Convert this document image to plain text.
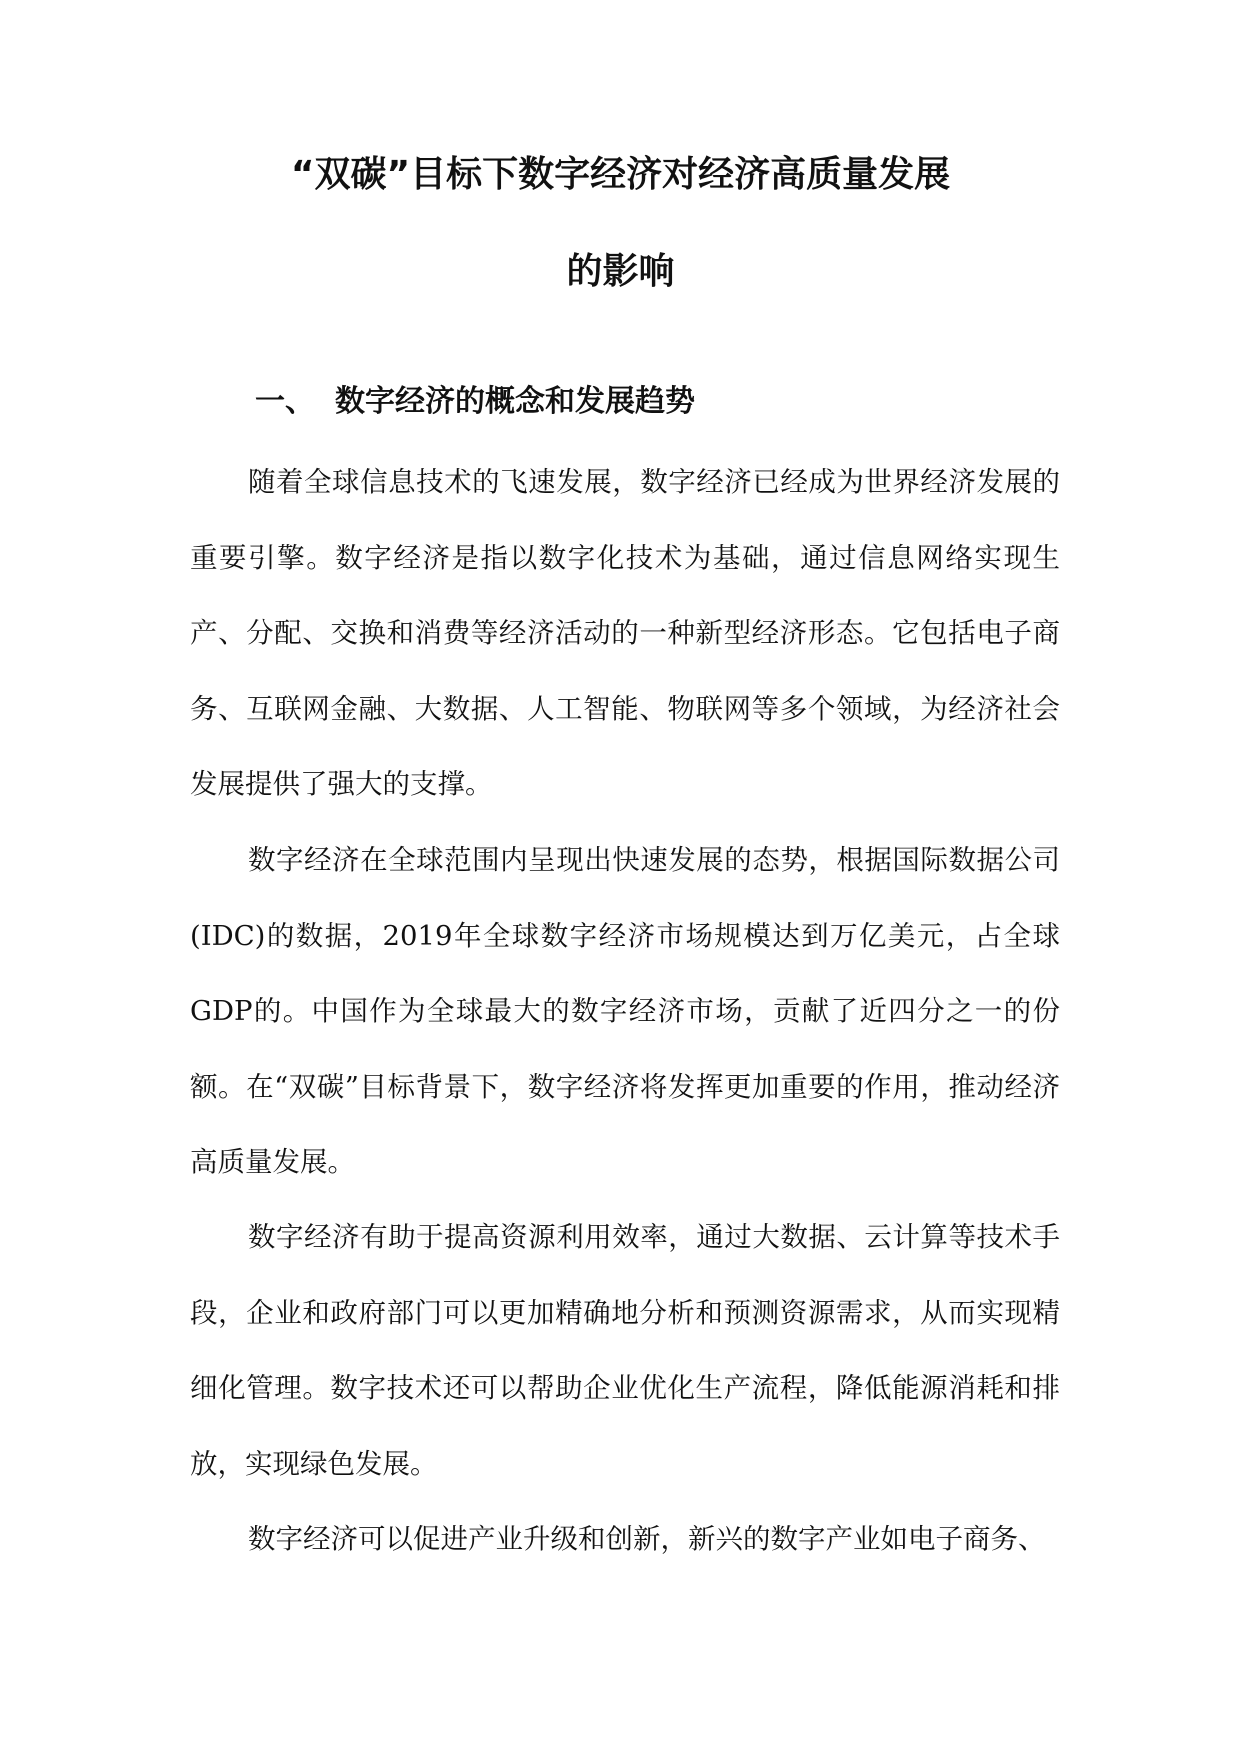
“双碳”目标下数字经济对经济高质量发展
的影响
一、 数字经济的概念和发展趋势

随着全球信息技术的飞速发展，数字经济已经成为世界经济发展的重要引擎。数字经济是指以数字化技术为基础，通过信息网络实现生产、分配、交换和消费等经济活动的一种新型经济形态。它包括电子商务、互联网金融、大数据、人工智能、物联网等多个领域，为经济社会发展提供了强大的支撑。

数字经济在全球范围内呈现出快速发展的态势，根据国际数据公司(IDC)的数据，2019年全球数字经济市场规模达到万亿美元，占全球GDP的。中国作为全球最大的数字经济市场，贡献了近四分之一的份额。在“双碳”目标背景下，数字经济将发挥更加重要的作用，推动经济高质量发展。

数字经济有助于提高资源利用效率，通过大数据、云计算等技术手段，企业和政府部门可以更加精确地分析和预测资源需求，从而实现精细化管理。数字技术还可以帮助企业优化生产流程，降低能源消耗和排放，实现绿色发展。

数字经济可以促进产业升级和创新，新兴的数字产业如电子商务、
